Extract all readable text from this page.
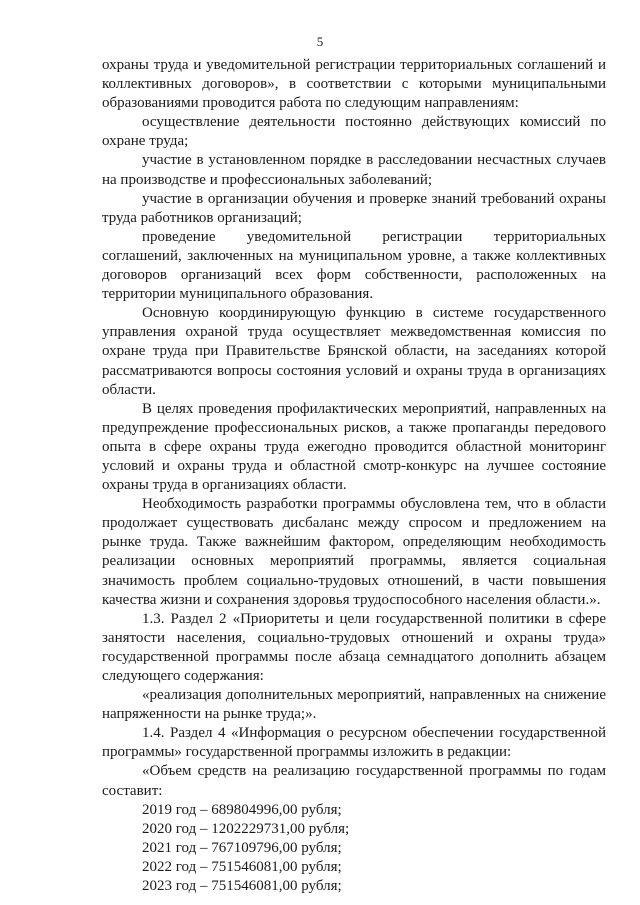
5

охраны труда и уведомительной регистрации территориальных соглашений и коллективных договоров», в соответствии с которыми муниципальными образованиями проводится работа по следующим направлениям:

осуществление деятельности постоянно действующих комиссий по охране труда;

участие в установленном порядке в расследовании несчастных случаев на производстве и профессиональных заболеваний;

участие в организации обучения и проверке знаний требований охраны труда работников организаций;

проведение уведомительной регистрации территориальных соглашений, заключенных на муниципальном уровне, а также коллективных договоров организаций всех форм собственности, расположенных на территории муниципального образования.

Основную координирующую функцию в системе государственного управления охраной труда осуществляет межведомственная комиссия по охране труда при Правительстве Брянской области, на заседаниях которой рассматриваются вопросы состояния условий и охраны труда в организациях области.

В целях проведения профилактических мероприятий, направленных на предупреждение профессиональных рисков, а также пропаганды передового опыта в сфере охраны труда ежегодно проводится областной мониторинг условий и охраны труда и областной смотр-конкурс на лучшее состояние охраны труда в организациях области.

Необходимость разработки программы обусловлена тем, что в области продолжает существовать дисбаланс между спросом и предложением на рынке труда. Также важнейшим фактором, определяющим необходимость реализации основных мероприятий программы, является социальная значимость проблем социально-трудовых отношений, в части повышения качества жизни и сохранения здоровья трудоспособного населения области.».

1.3. Раздел 2 «Приоритеты и цели государственной политики в сфере занятости населения, социально-трудовых отношений и охраны труда» государственной программы после абзаца семнадцатого дополнить абзацем следующего содержания:

«реализация дополнительных мероприятий, направленных на снижение напряженности на рынке труда;».

1.4. Раздел 4 «Информация о ресурсном обеспечении государственной программы» государственной программы изложить в редакции:

«Объем средств на реализацию государственной программы по годам составит:

2019 год – 689804996,00 рубля;

2020 год – 1202229731,00 рубля;

2021 год – 767109796,00 рубля;

2022 год – 751546081,00 рубля;

2023 год – 751546081,00 рубля;
